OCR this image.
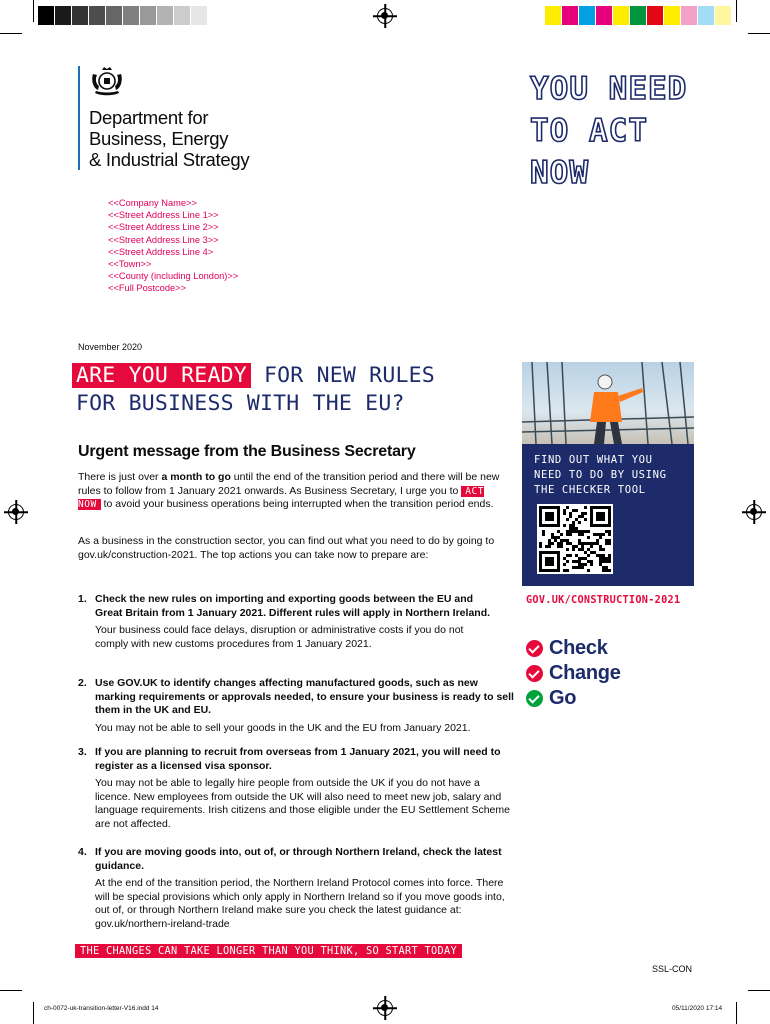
Department for
Business, Energy
& Industrial Strategy
YOU NEED
TO ACT
NOW
<<Company Name>>
<<Street Address Line 1>>
<<Street Address Line 2>>
<<Street Address Line 3>>
<<Street Address Line 4>
<<Town>>
<<County (including London)>>
<<Full Postcode>>
November 2020
ARE YOU READY FOR NEW RULES
FOR BUSINESS WITH THE EU?
Urgent message from the Business Secretary
There is just over a month to go until the end of the transition period and there will be new rules to follow from 1 January 2021 onwards. As Business Secretary, I urge you to ACT NOW to avoid your business operations being interrupted when the transition period ends.
As a business in the construction sector, you can find out what you need to do by going to gov.uk/construction-2021. The top actions you can take now to prepare are:
1. Check the new rules on importing and exporting goods between the EU and Great Britain from 1 January 2021. Different rules will apply in Northern Ireland.
Your business could face delays, disruption or administrative costs if you do not comply with new customs procedures from 1 January 2021.
2. Use GOV.UK to identify changes affecting manufactured goods, such as new marking requirements or approvals needed, to ensure your business is ready to sell them in the UK and EU.
You may not be able to sell your goods in the UK and the EU from January 2021.
3. If you are planning to recruit from overseas from 1 January 2021, you will need to register as a licensed visa sponsor.
You may not be able to legally hire people from outside the UK if you do not have a licence. New employees from outside the UK will also need to meet new job, salary and language requirements. Irish citizens and those eligible under the EU Settlement Scheme are not affected.
4. If you are moving goods into, out of, or through Northern Ireland, check the latest guidance.
At the end of the transition period, the Northern Ireland Protocol comes into force. There will be special provisions which only apply in Northern Ireland so if you move goods into, out of, or through Northern Ireland make sure you check the latest guidance at: gov.uk/northern-ireland-trade
THE CHANGES CAN TAKE LONGER THAN YOU THINK, SO START TODAY
FIND OUT WHAT YOU
NEED TO DO BY USING
THE CHECKER TOOL
GOV.UK/CONSTRUCTION-2021
Check
Change
Go
SSL-CON
ch-0072-uk-transition-letter-V16.indd 14	05/11/2020 17:14
